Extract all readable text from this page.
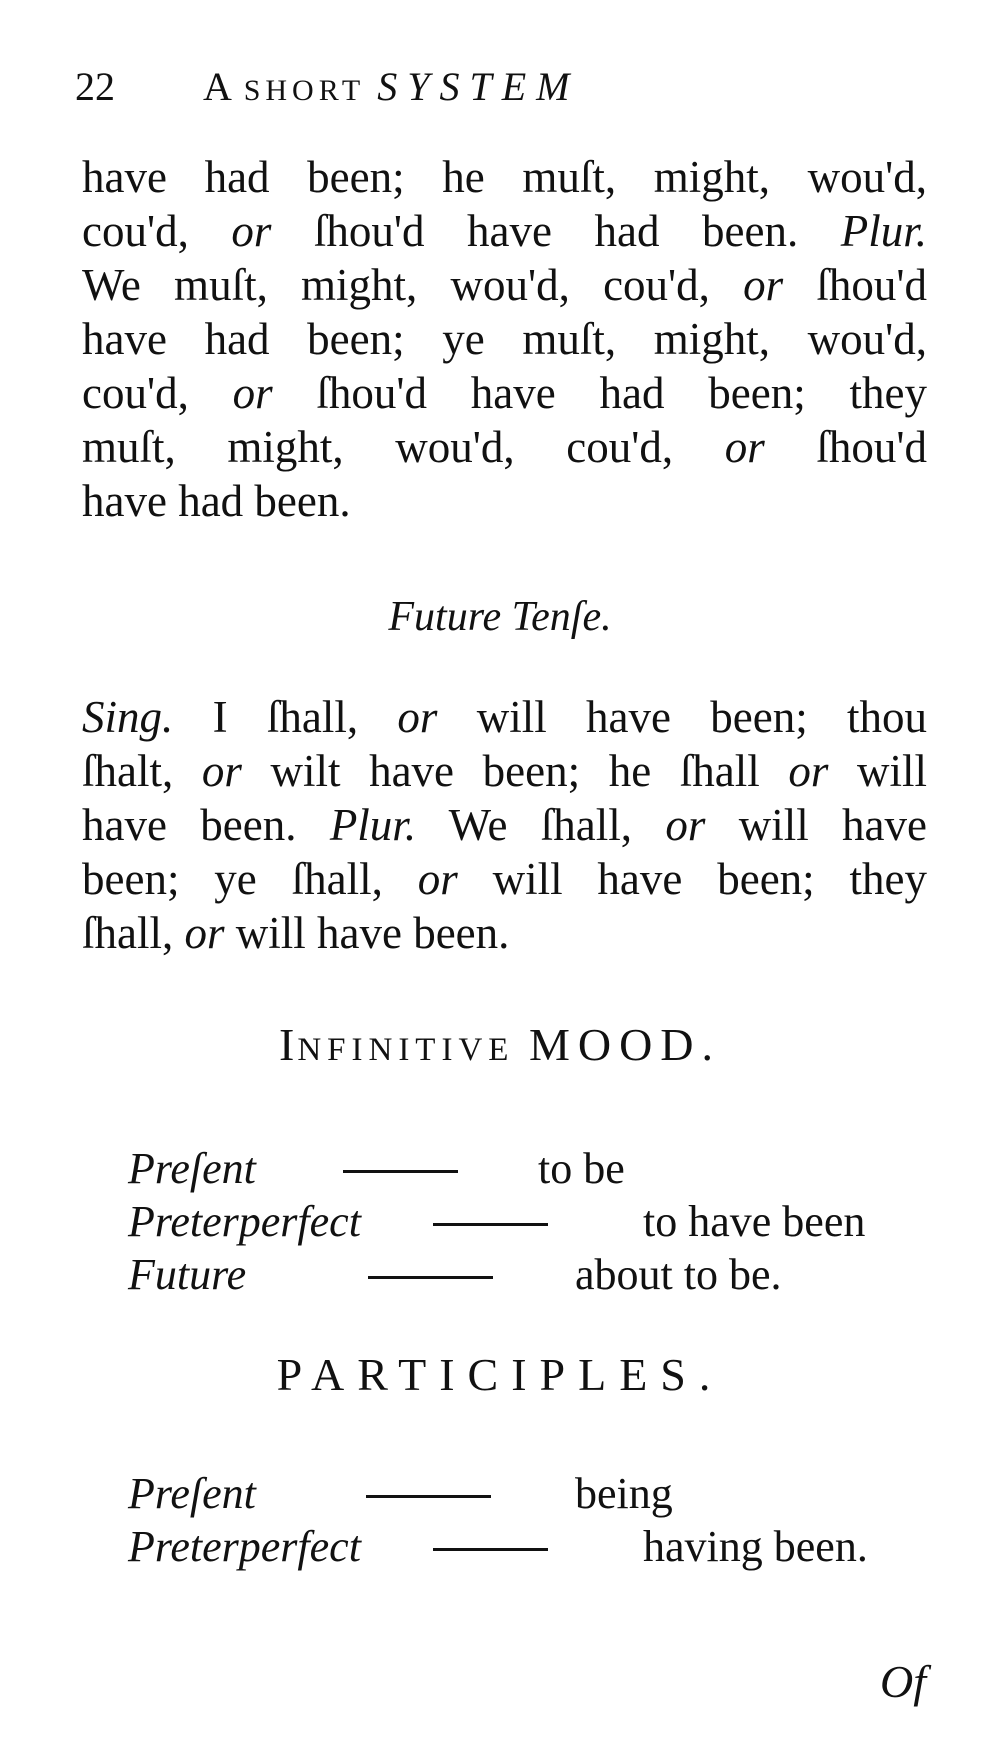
22 A SHORT SYSTEM
have had been; he muſt, might, wou'd,
cou'd, or ſhou'd have had been. Plur.
We muſt, might, wou'd, cou'd, or ſhou'd
have had been; ye muſt, might, wou'd,
cou'd, or ſhou'd have had been; they
muſt, might, wou'd, cou'd, or ſhou'd
have had been.
Future Tenſe.
Sing. I ſhall, or will have been; thou
ſhalt, or wilt have been; he ſhall or will
have been. Plur. We ſhall, or will have
been; ye ſhall, or will have been; they
ſhall, or will have been.
INFINITIVE MOOD.
Preſent	to be
Preterperfect	to have been
Future	about to be.
PARTICIPLES.
Preſent	being
Preterperfect	having been.
Of
